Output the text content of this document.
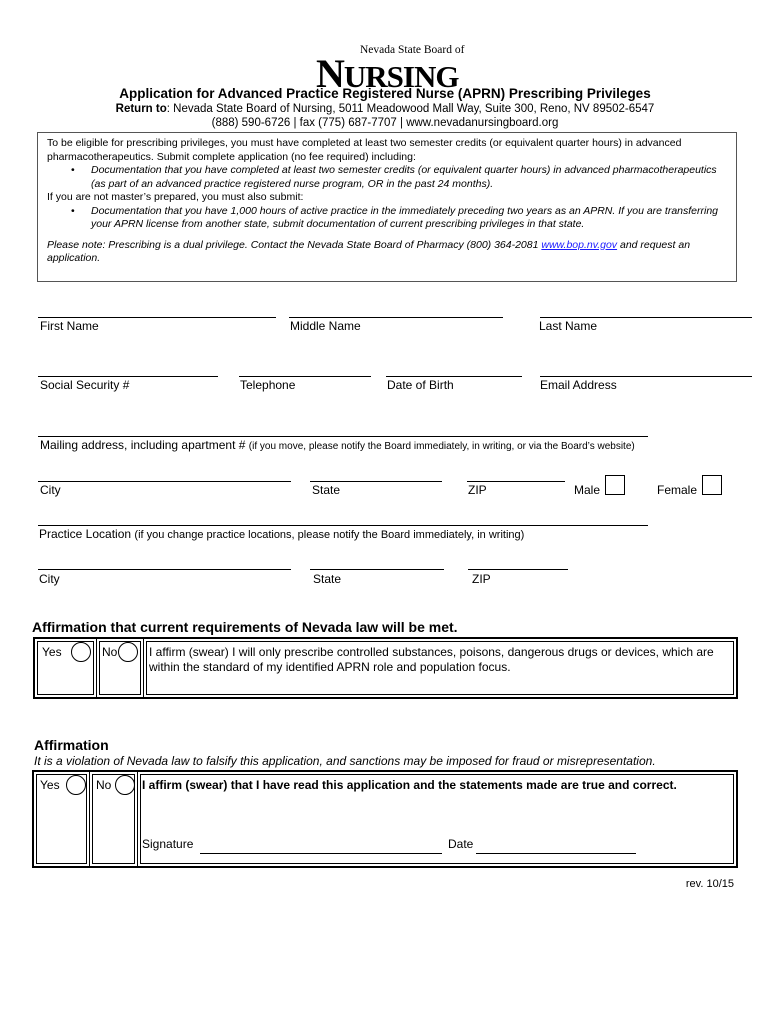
Nevada State Board of
NURSING
Application for Advanced Practice Registered Nurse (APRN) Prescribing Privileges
Return to: Nevada State Board of Nursing, 5011 Meadowood Mall Way, Suite 300, Reno, NV 89502-6547
(888) 590-6726 | fax (775) 687-7707 | www.nevadanursingboard.org
To be eligible for prescribing privileges, you must have completed at least two semester credits (or equivalent quarter hours) in advanced pharmacotherapeutics. Submit complete application (no fee required) including:
• Documentation that you have completed at least two semester credits (or equivalent quarter hours) in advanced pharmacotherapeutics (as part of an advanced practice registered nurse program, OR in the past 24 months).
If you are not master’s prepared, you must also submit:
• Documentation that you have 1,000 hours of active practice in the immediately preceding two years as an APRN. If you are transferring your APRN license from another state, submit documentation of current prescribing privileges in that state.
Please note: Prescribing is a dual privilege. Contact the Nevada State Board of Pharmacy (800) 364-2081 www.bop.nv.gov and request an application.
First Name	Middle Name	Last Name
Social Security #	Telephone	Date of Birth	Email Address
Mailing address, including apartment # (if you move, please notify the Board immediately, in writing, or via the Board’s website)
City	State	ZIP	Male	Female
Practice Location (if you change practice locations, please notify the Board immediately, in writing)
City	State	ZIP
Affirmation that current requirements of Nevada law will be met.
Yes	No	I affirm (swear) I will only prescribe controlled substances, poisons, dangerous drugs or devices, which are within the standard of my identified APRN role and population focus.
Affirmation
It is a violation of Nevada law to falsify this application, and sanctions may be imposed for fraud or misrepresentation.
Yes	No	I affirm (swear) that I have read this application and the statements made are true and correct.
Signature	Date
rev. 10/15
